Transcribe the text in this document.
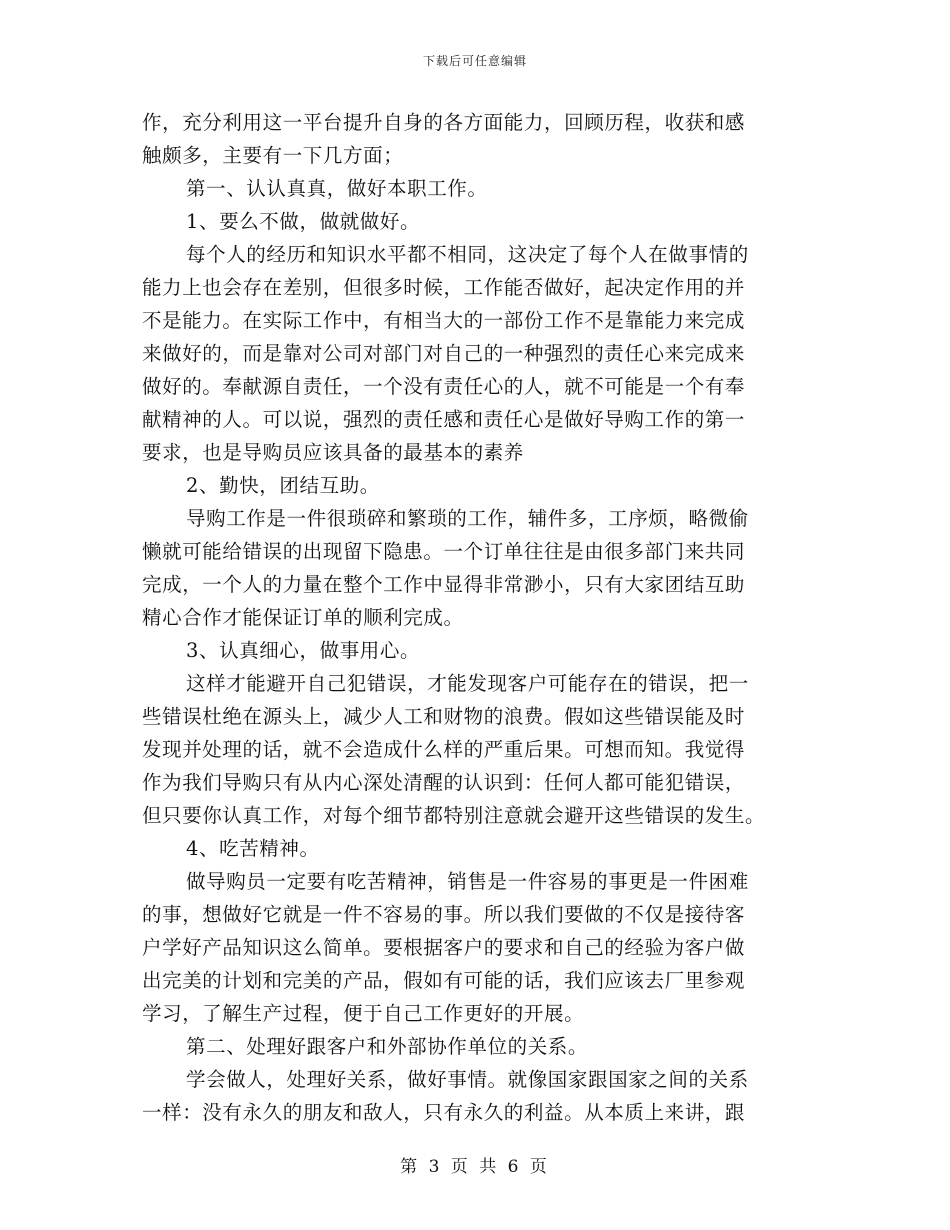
下载后可任意编辑
作，充分利用这一平台提升自身的各方面能力，回顾历程，收获和感
触颇多，主要有一下几方面；
第一、认认真真，做好本职工作。
1、要么不做，做就做好。
每个人的经历和知识水平都不相同，这决定了每个人在做事情的
能力上也会存在差别，但很多时候，工作能否做好，起决定作用的并
不是能力。在实际工作中，有相当大的一部份工作不是靠能力来完成
来做好的，而是靠对公司对部门对自己的一种强烈的责任心来完成来
做好的。奉献源自责任，一个没有责任心的人，就不可能是一个有奉
献精神的人。可以说，强烈的责任感和责任心是做好导购工作的第一
要求，也是导购员应该具备的最基本的素养
2、勤快，团结互助。
导购工作是一件很琐碎和繁琐的工作，辅件多，工序烦，略微偷
懒就可能给错误的出现留下隐患。一个订单往往是由很多部门来共同
完成，一个人的力量在整个工作中显得非常渺小，只有大家团结互助
精心合作才能保证订单的顺利完成。
3、认真细心，做事用心。
这样才能避开自己犯错误，才能发现客户可能存在的错误，把一
些错误杜绝在源头上，减少人工和财物的浪费。假如这些错误能及时
发现并处理的话，就不会造成什么样的严重后果。可想而知。我觉得
作为我们导购只有从内心深处清醒的认识到：任何人都可能犯错误，
但只要你认真工作，对每个细节都特别注意就会避开这些错误的发生。
4、吃苦精神。
做导购员一定要有吃苦精神，销售是一件容易的事更是一件困难
的事，想做好它就是一件不容易的事。所以我们要做的不仅是接待客
户学好产品知识这么简单。要根据客户的要求和自己的经验为客户做
出完美的计划和完美的产品，假如有可能的话，我们应该去厂里参观
学习，了解生产过程，便于自己工作更好的开展。
第二、处理好跟客户和外部协作单位的关系。
学会做人，处理好关系，做好事情。就像国家跟国家之间的关系
一样：没有永久的朋友和敌人，只有永久的利益。从本质上来讲，跟
第 3 页 共 6 页
